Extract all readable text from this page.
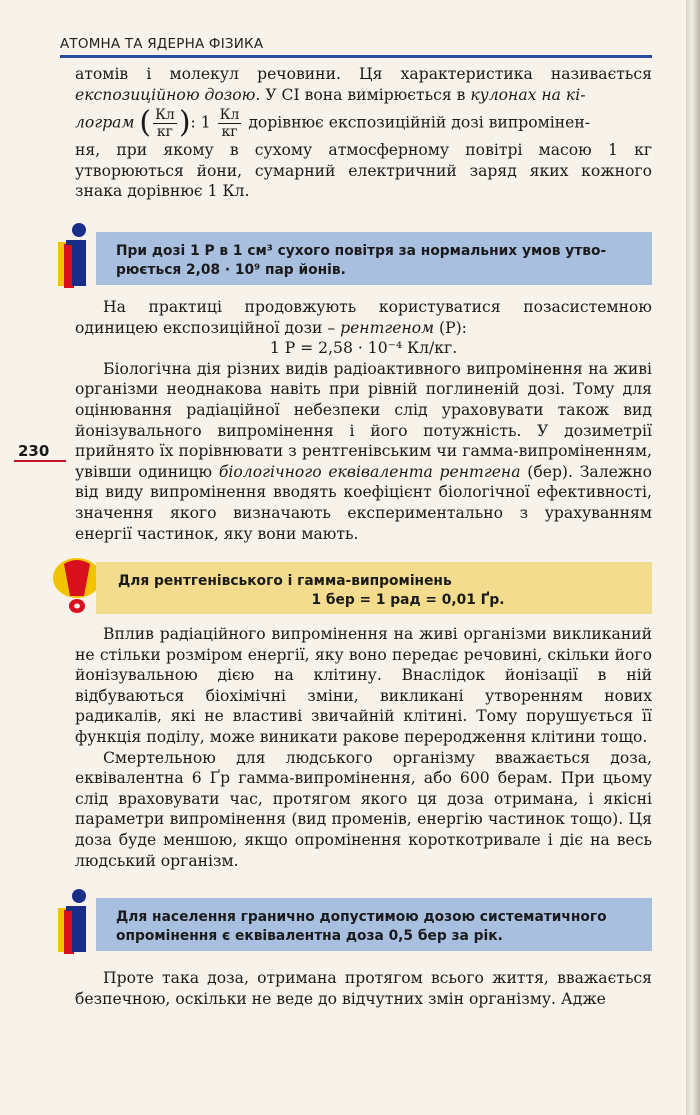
АТОМНА ТА ЯДЕРНА ФІЗИКА

атомів і молекул речовини. Ця характеристика називається експозиційною дозою. У СІ вона вимірюється в кулонах на кі-

лограм ( $\frac{Кл}{кг}$ ): $1 \frac{Кл}{кг}$ дорівнює експозиційній дозі випромінен-

ня, при якому в сухому атмосферному повітрі масою 1 кг утворюються йони, сумарний електричний заряд яких кожного знака дорівнює 1 Кл.

При дозі 1 Р в 1 см³ сухого повітря за нормальних умов утво-

рюється 2,08 · 10⁹ пар йонів.

На практиці продовжують користуватися позасистемною одиницею експозиційної дози – рентгеном (Р):

1 Р = 2,58 · 10⁻⁴ Кл/кг.

Біологічна дія різних видів радіоактивного випромінення на живі організми неоднакова навіть при рівній поглиненій дозі. Тому для оцінювання радіаційної небезпеки слід ураховувати також вид йонізувального випромінення і його потужність. У дозиметрії прийнято їх порівнювати з рентгенівським чи гамма-випроміненням, увівши одиницю біологічного еквівалента рентгена (бер). Залежно від виду випромінення вводять коефіцієнт біологічної ефективності, значення якого визначають експериментально з урахуванням енергії частинок, яку вони мають.

230

Для рентгенівського і гамма-випромінень

1 бер = 1 рад = 0,01 Ґр.

Вплив радіаційного випромінення на живі організми викликаний не стільки розміром енергії, яку воно передає речовині, скільки його йонізувальною дією на клітину. Внаслідок йонізації в ній відбуваються біохімічні зміни, викликані утворенням нових радикалів, які не властиві звичайній клітині. Тому порушується її функція поділу, може виникати ракове переродження клітини тощо.

Смертельною для людського організму вважається доза, еквівалентна 6 Ґр гамма-випромінення, або 600 берам. При цьому слід враховувати час, протягом якого ця доза отримана, і якісні параметри випромінення (вид променів, енергію частинок тощо). Ця доза буде меншою, якщо опромінення короткотривале і діє на весь людський організм.

Для населення гранично допустимою дозою систематичного

опромінення є еквівалентна доза 0,5 бер за рік.

Проте така доза, отримана протягом всього життя, вважається безпечною, оскільки не веде до відчутних змін організму. Адже
